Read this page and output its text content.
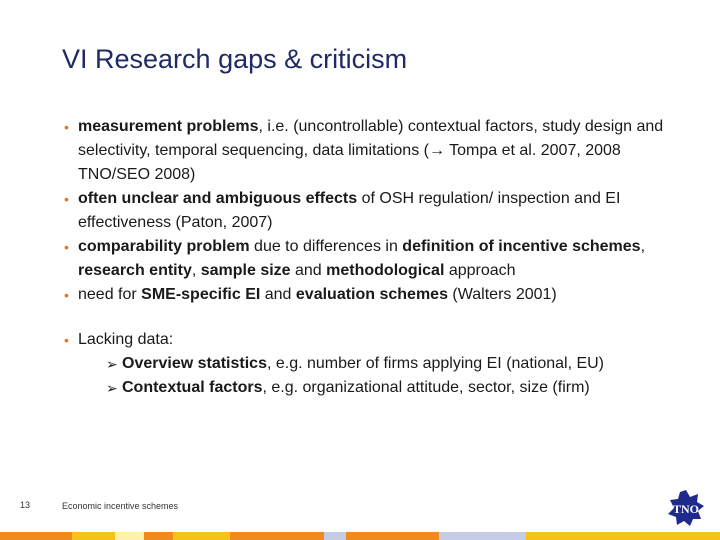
VI Research gaps & criticism
• measurement problems, i.e. (uncontrollable) contextual factors, study design and selectivity, temporal sequencing, data limitations (→ Tompa et al. 2007, 2008 TNO/SEO 2008)
• often unclear and ambiguous effects of OSH regulation/ inspection and EI effectiveness (Paton, 2007)
• comparability problem due to differences in definition of incentive schemes, research entity, sample size and methodological approach
• need for SME-specific EI and evaluation schemes (Walters 2001)
• Lacking data:
➢ Overview statistics, e.g. number of firms applying EI (national, EU)
➢ Contextual factors, e.g. organizational attitude, sector, size (firm)
13	Economic incentive schemes	TNO
